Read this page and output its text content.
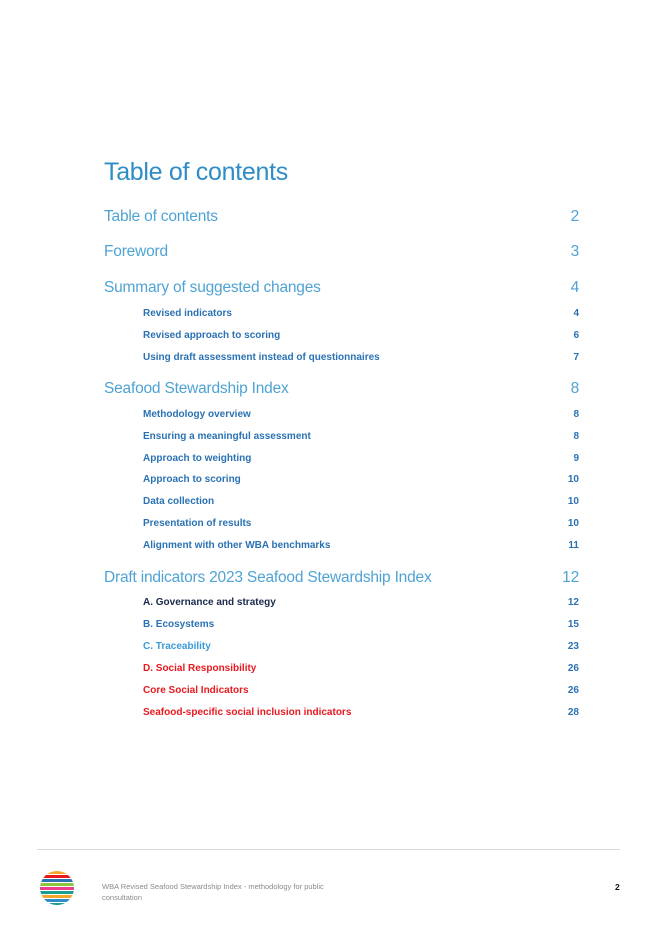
Table of contents
Table of contents	2
Foreword	3
Summary of suggested changes	4
Revised indicators	4
Revised approach to scoring	6
Using draft assessment instead of questionnaires	7
Seafood Stewardship Index	8
Methodology overview	8
Ensuring a meaningful assessment	8
Approach to weighting	9
Approach to scoring	10
Data collection	10
Presentation of results	10
Alignment with other WBA benchmarks	11
Draft indicators 2023 Seafood Stewardship Index	12
A. Governance and strategy	12
B. Ecosystems	15
C. Traceability	23
D. Social Responsibility	26
Core Social Indicators	26
Seafood-specific social inclusion indicators	28
WBA Revised Seafood Stewardship Index - methodology for public consultation
2
